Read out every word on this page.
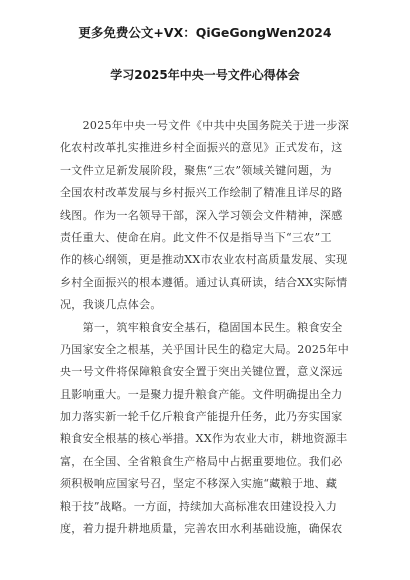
更多免费公文+VX：QiGeGongWen2024
学习2025年中央一号文件心得体会
　　2025年中央一号文件《中共中央国务院关于进一步深
化农村改革扎实推进乡村全面振兴的意见》正式发布，这
一文件立足新发展阶段，聚焦“三农”领域关键问题，为
全国农村改革发展与乡村振兴工作绘制了精准且详尽的路
线图。作为一名领导干部，深入学习领会文件精神，深感
责任重大、使命在肩。此文件不仅是指导当下“三农”工
作的核心纲领，更是推动XX市农业农村高质量发展、实现
乡村全面振兴的根本遵循。通过认真研读，结合XX实际情
况，我谈几点体会。
　　第一，筑牢粮食安全基石，稳固国本民生。粮食安全
乃国家安全之根基，关乎国计民生的稳定大局。2025年中
央一号文件将保障粮食安全置于突出关键位置，意义深远
且影响重大。一是聚力提升粮食产能。文件明确提出全力
加力落实新一轮千亿斤粮食产能提升任务，此乃夯实国家
粮食安全根基的核心举措。XX作为农业大市，耕地资源丰
富，在全国、全省粮食生产格局中占据重要地位。我们必
须积极响应国家号召，坚定不移深入实施“藏粮于地、藏
粮于技”战略。一方面，持续加大高标准农田建设投入力
度，着力提升耕地质量，完善农田水利基础设施，确保农
